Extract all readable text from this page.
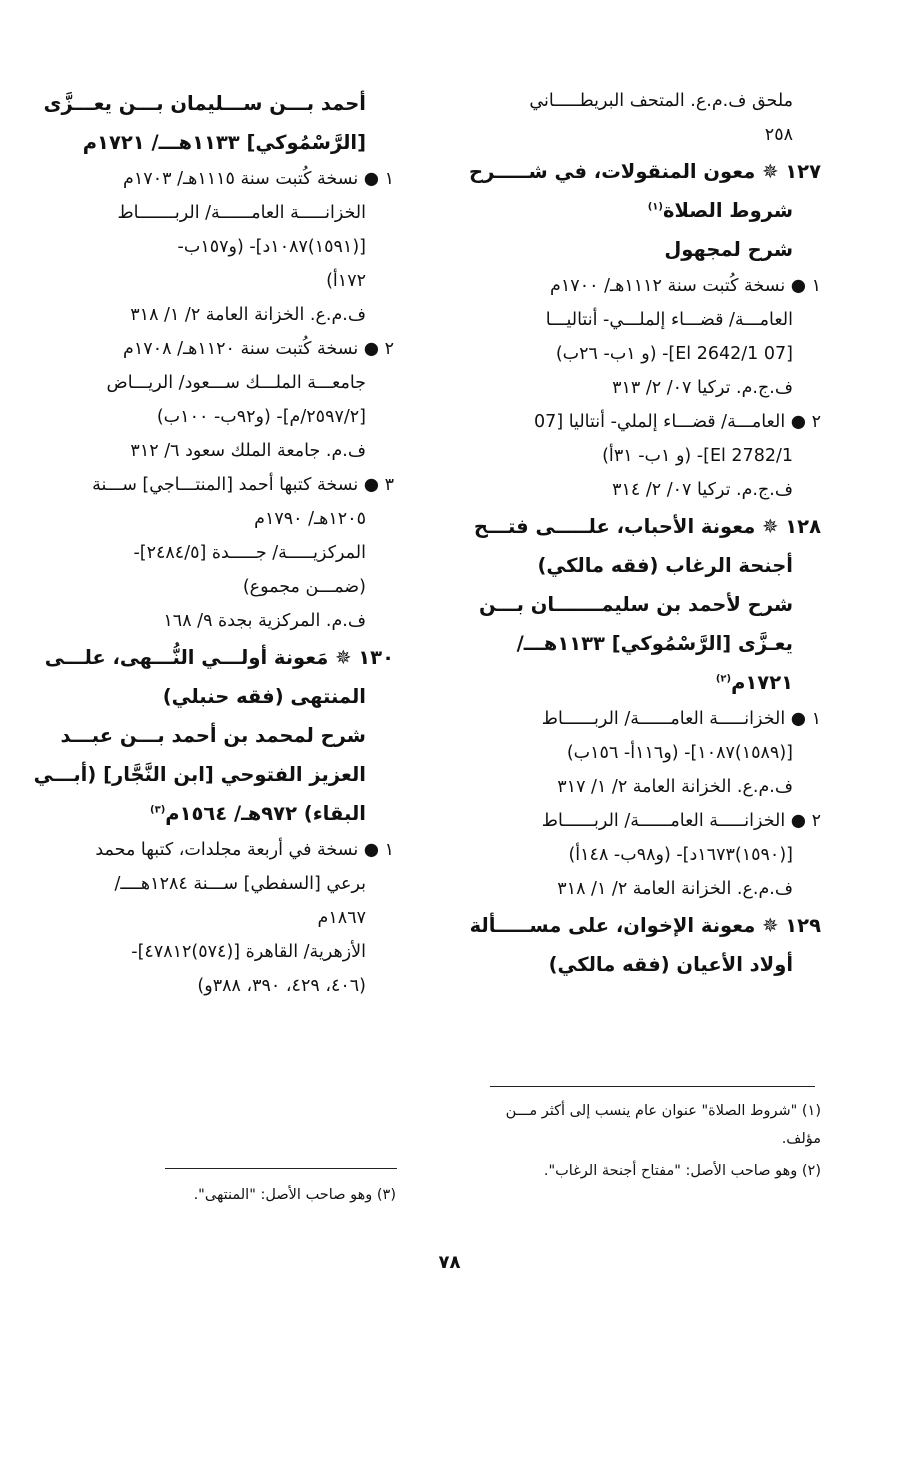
ملحق ف.م.ع. المتحف البريطـــــاني
٢٥٨
١٢٧ ✵ معون المنقولات، في شـــــرح
شروط الصلاة$^{(١)}$
شرح لمجهول
١ ● نسخة كُتبت سنة ١١١٢هـ/ ١٧٠٠م
العامـــة/ قضـــاء إلملـــي- أنتاليـــا
[07 El 2642/1]- (و ١ب- ٢٦ب)
ف.ج.م. تركيا ٠٧/ ٢/ ٣١٣
٢ ● العامـــة/ قضـــاء إلملي- أنتاليا [07
El 2782/1]- (و ١ب- ٣١أ)
ف.ج.م. تركيا ٠٧/ ٢/ ٣١٤
١٢٨ ✵ معونة الأحباب، علـــــى فتـــح
أجنحة الرغاب (فقه مالكي)
شرح لأحمد بن سليمـــــــان بـــن
يعـزَّى [الرَّسْمُوكي] ١١٣٣هـــ/
١٧٢١م$^{(٢)}$
١ ● الخزانـــــة العامــــــة/ الربــــــاط
[(١٥٨٩)١٠٨٧]- (و١١٦أ- ١٥٦ب)
ف.م.ع. الخزانة العامة ٢/ ١/ ٣١٧
٢ ● الخزانـــــة العامــــــة/ الربــــــاط
[(١٥٩٠)١٦٧٣د]- (و٩٨ب- ١٤٨أ)
ف.م.ع. الخزانة العامة ٢/ ١/ ٣١٨
١٢٩ ✵ معونة الإخوان، على مســـــألة
أولاد الأعيان (فقه مالكي)
أحمد بـــن ســـليمان بـــن يعـــزَّى
[الرَّسْمُوكي] ١١٣٣هـــ/ ١٧٢١م
١ ● نسخة كُتبت سنة ١١١٥هـ/ ١٧٠٣م
الخزانـــــة العامــــــة/ الربـــــــاط
[(١٥٩١)١٠٨٧د]- (و١٥٧ب-
١٧٢أ)
ف.م.ع. الخزانة العامة ٢/ ١/ ٣١٨
٢ ● نسخة كُتبت سنة ١١٢٠هـ/ ١٧٠٨م
جامعـــة الملـــك ســـعود/ الريـــاض
[٢٥٩٧/٢/م]- (و٩٢ب- ١٠٠ب)
ف.م. جامعة الملك سعود ٦/ ٣١٢
٣ ● نسخة كتبها أحمد [المنتـــاجي] ســـنة
١٢٠٥هـ/ ١٧٩٠م
المركزيـــــة/ جـــــدة [٢٤٨٤/٥]-
(ضمـــن مجموع)
ف.م. المركزية بجدة ٩/ ١٦٨
١٣٠ ✵ مَعونة أولـــي النُّـــهى، علـــى
المنتهى (فقه حنبلي)
شرح لمحمد بن أحمد بـــن عبـــد
العزيز الفتوحي [ابن النَّجَّار] (أبـــي
البقاء) ٩٧٢هـ/ ١٥٦٤م$^{(٣)}$
١ ● نسخة في أربعة مجلدات، كتبها محمد
برعي [السفطي] ســـنة ١٢٨٤هــــ/
١٨٦٧م
الأزهرية/ القاهرة [(٥٧٤)٤٧٨١٢]-
(٤٠٦، ٤٢٩، ٣٩٠، ٣٨٨و)
(١) "شروط الصلاة" عنوان عام ينسب إلى أكثر مـــن
مؤلف.
(٢) وهو صاحب الأصل: "مفتاح أجنحة الرغاب".
(٣) وهو صاحب الأصل: "المنتهى".
٧٨
